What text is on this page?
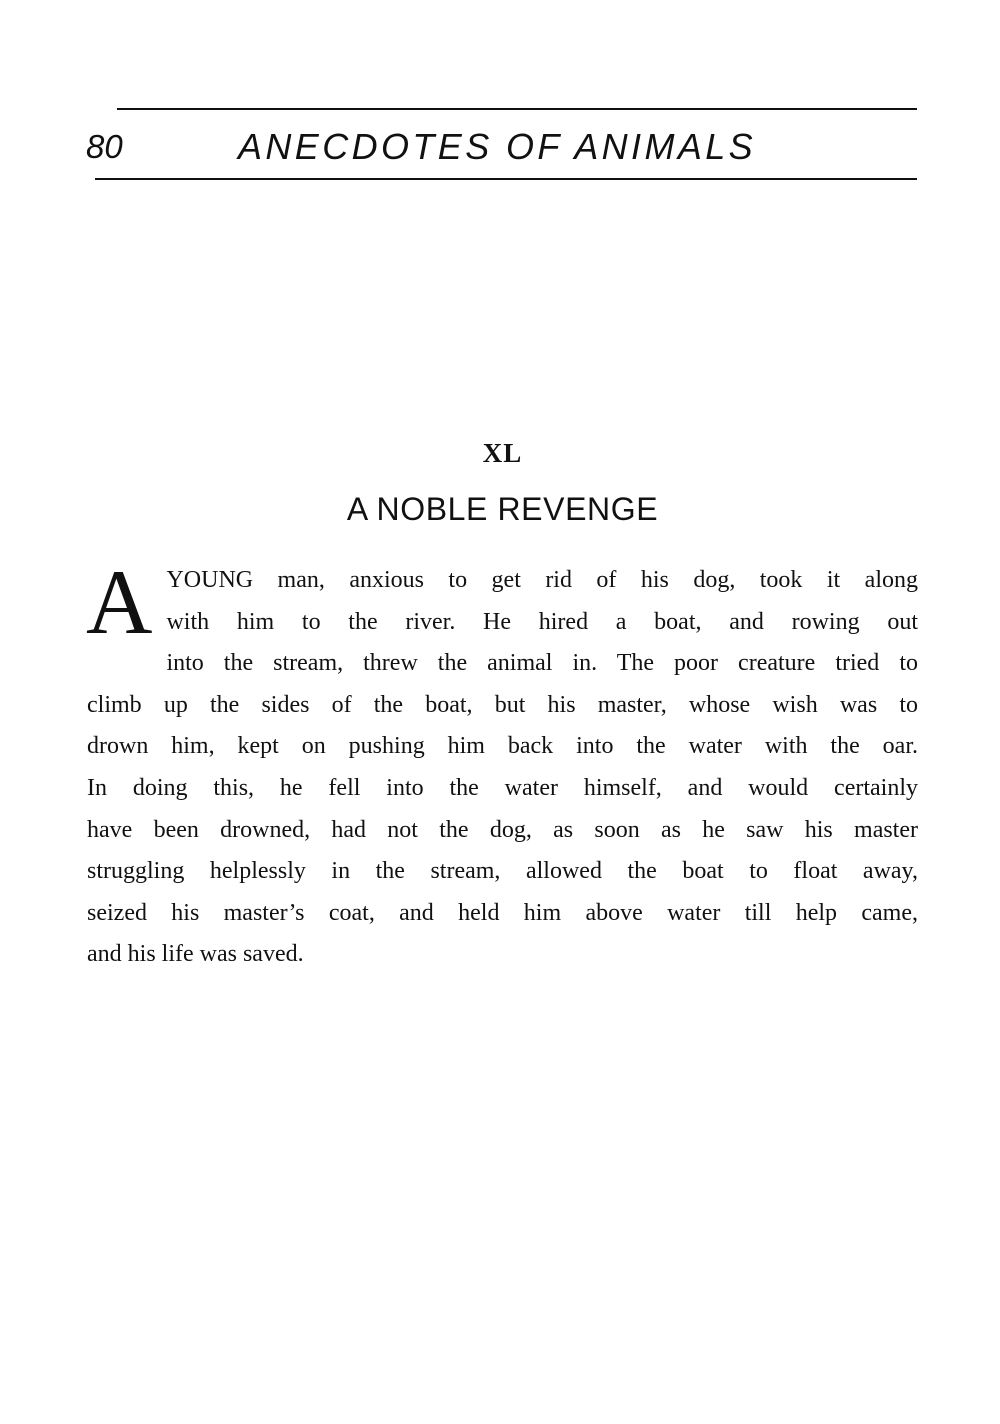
80	ANECDOTES OF ANIMALS
XL
A NOBLE REVENGE
A YOUNG man, anxious to get rid of his dog, took it along
with him to the river. He hired a boat, and rowing out
into the stream, threw the animal in. The poor creature tried to
climb up the sides of the boat, but his master, whose wish was to
drown him, kept on pushing him back into the water with the oar.
In doing this, he fell into the water himself, and would certainly
have been drowned, had not the dog, as soon as he saw his master
struggling helplessly in the stream, allowed the boat to float away,
seized his master’s coat, and held him above water till help came,
and his life was saved.
